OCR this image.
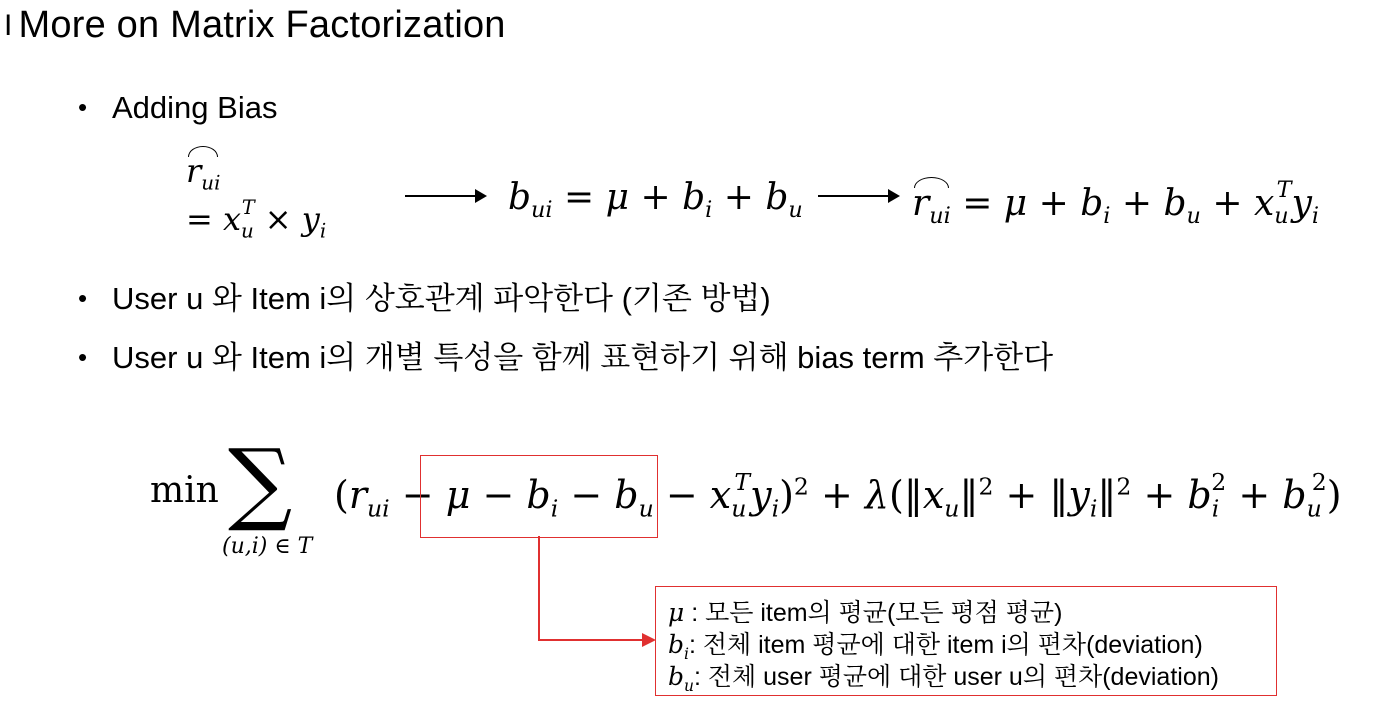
I More on Matrix Factorization
• Adding Bias
$r_{ui}$
= $x_u^T \times y_i$
$b_{ui} = \mu + b_i + b_u$	$r_{ui} = \mu + b_i + b_u + x_u^Ty_i$
• User u 와 Item i의 상호관계 파악한다 (기존 방법)
• User u 와 Item i의 개별 특성을 함께 표현하기 위해 bias term 추가한다
min ∑
(u,i) ∈ T
$(r_{ui} - \mu - b_i - b_u - x_u^Ty_i)^2$ + $\lambda(‖x_u‖^2$ + $‖y_i‖^2 + b_i^2 + b_u^2$)
μ : 모든 item의 평균(모든 평점 평균)
$b_i$: 전체 item 평균에 대한 item i의 편차(deviation)
$b_u$: 전체 user 평균에 대한 user u의 편차(deviation)
